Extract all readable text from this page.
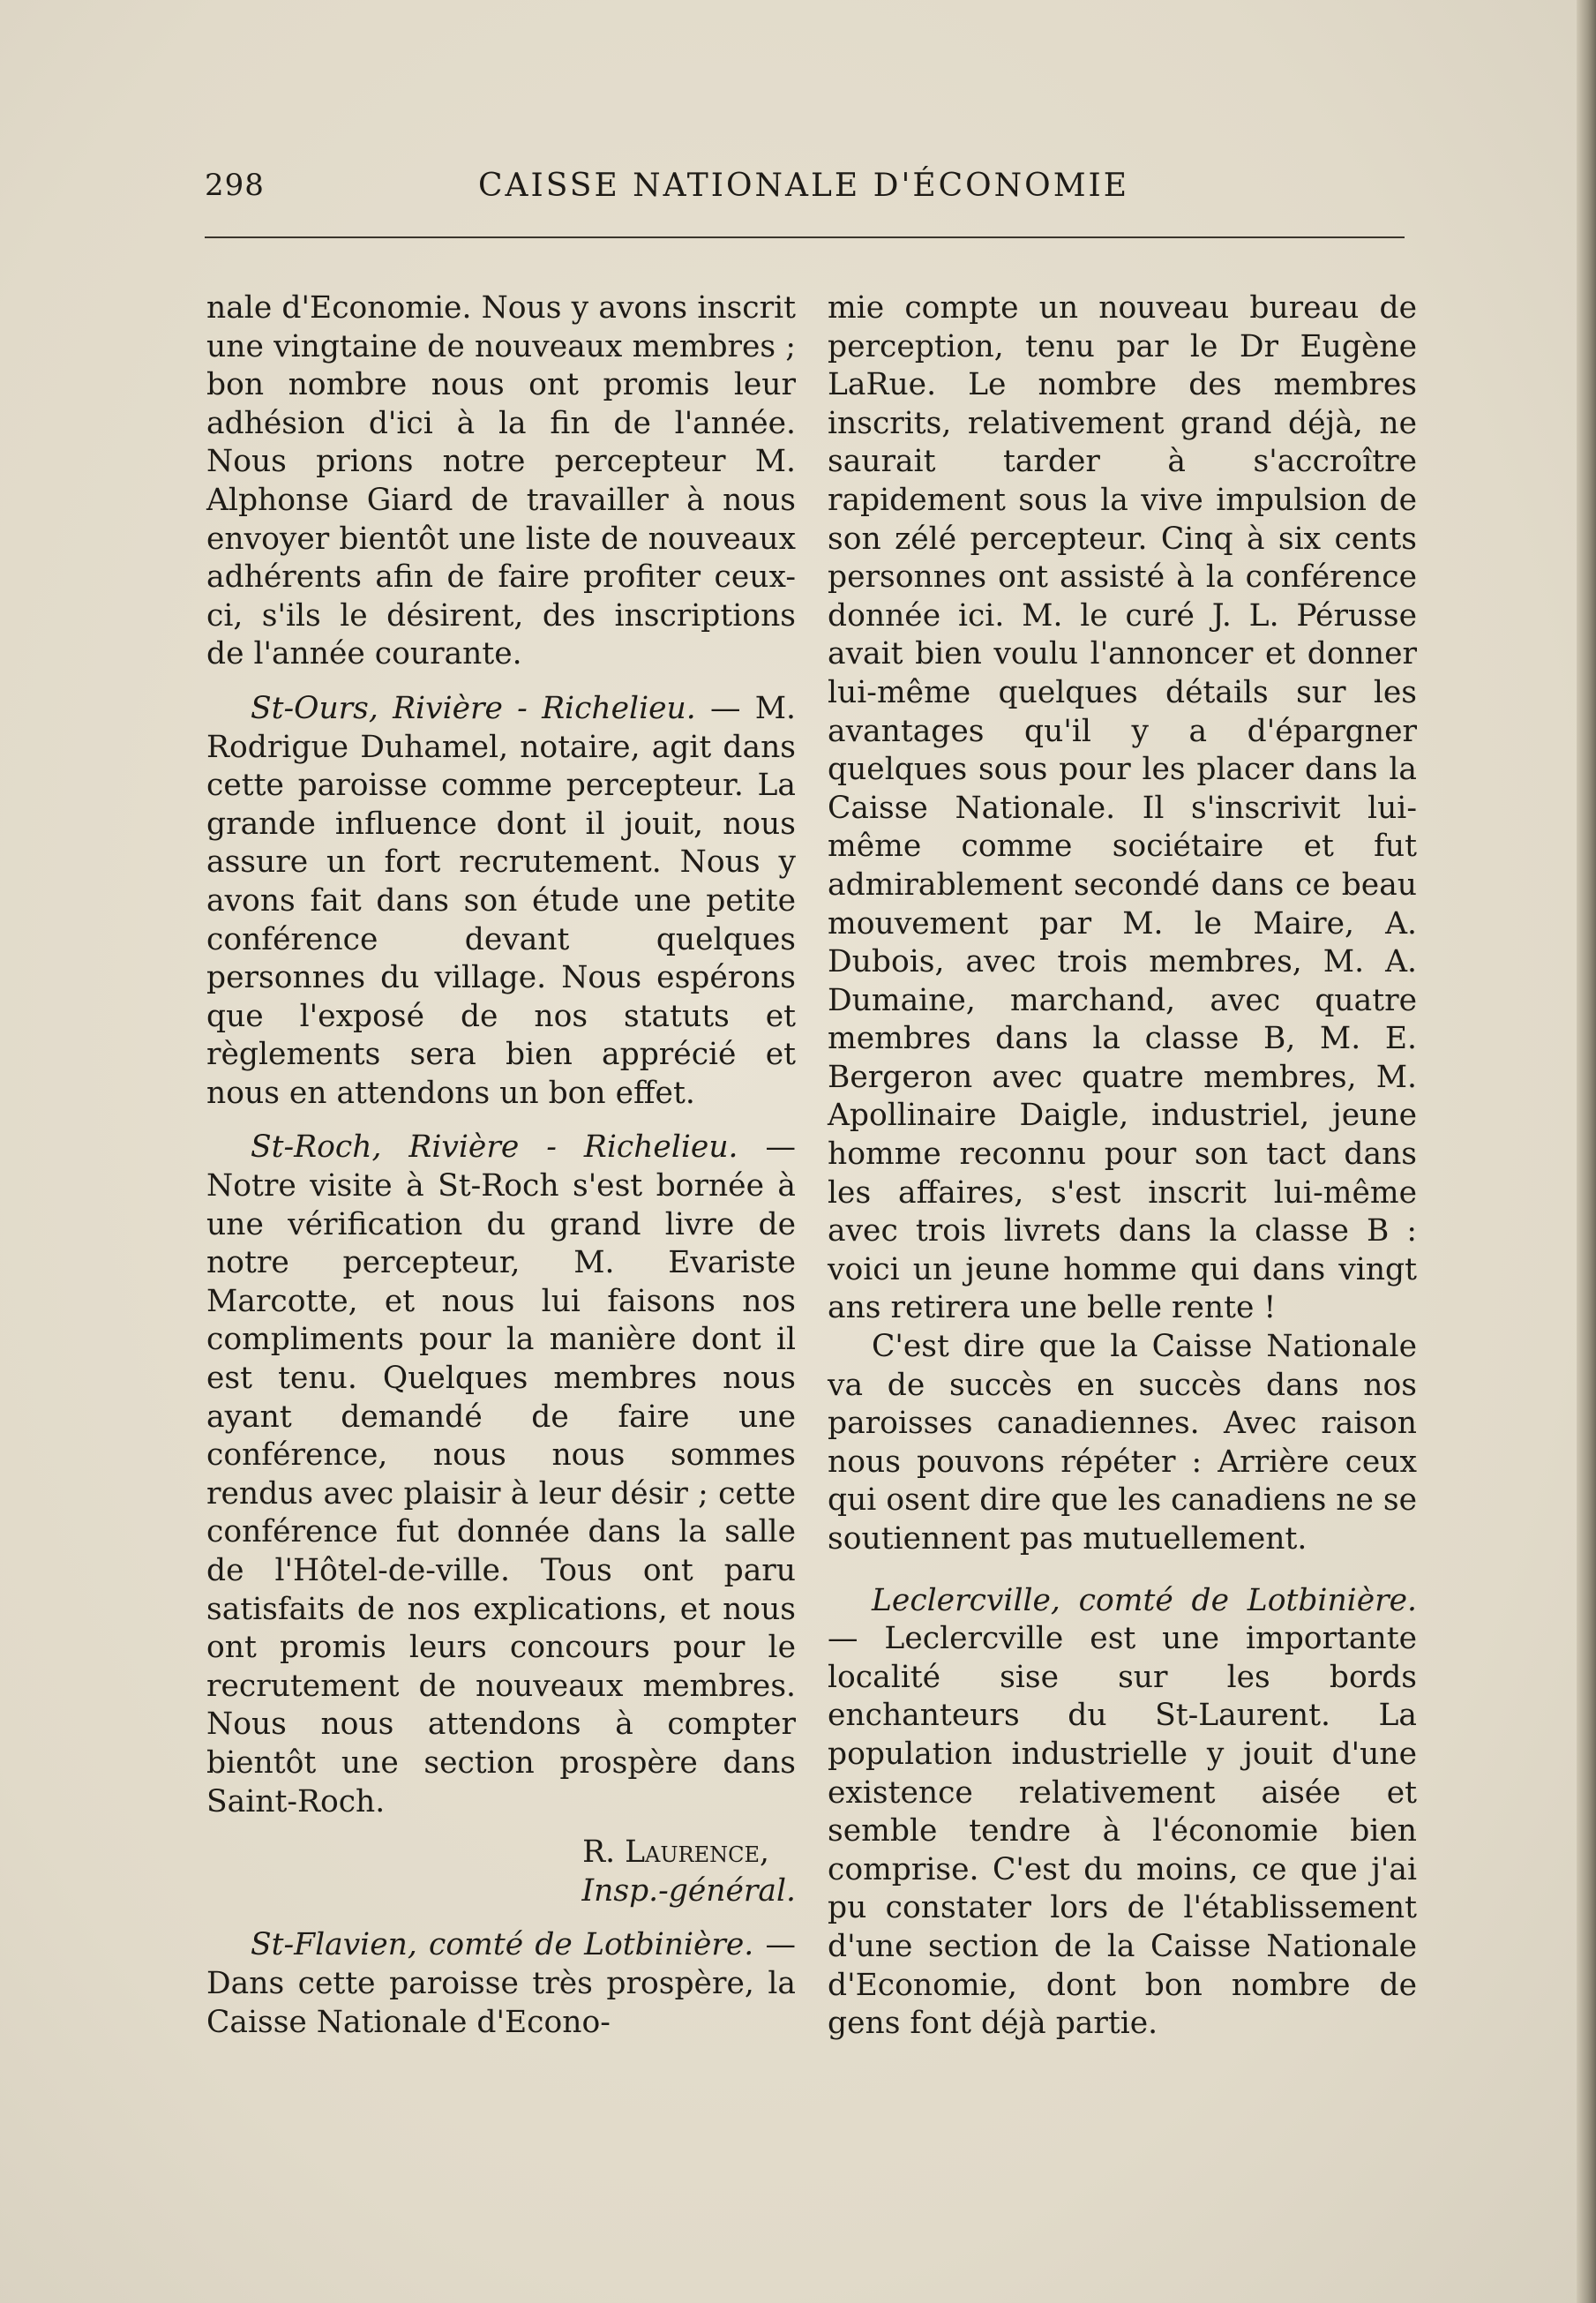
298	CAISSE NATIONALE D'ÉCONOMIE

nale d'Economie. Nous y avons inscrit une vingtaine de nouveaux membres ; bon nombre nous ont promis leur adhésion d'ici à la fin de l'année. Nous prions notre percepteur M. Alphonse Giard de travailler à nous envoyer bientôt une liste de nouveaux adhérents afin de faire profiter ceux-ci, s'ils le désirent, des inscriptions de l'année courante.

St-Ours, Rivière - Richelieu. — M. Rodrigue Duhamel, notaire, agit dans cette paroisse comme percepteur. La grande influence dont il jouit, nous assure un fort recrutement. Nous y avons fait dans son étude une petite conférence devant quelques personnes du village. Nous espérons que l'exposé de nos statuts et règlements sera bien apprécié et nous en attendons un bon effet.

St-Roch, Rivière - Richelieu. — Notre visite à St-Roch s'est bornée à une vérification du grand livre de notre percepteur, M. Evariste Marcotte, et nous lui faisons nos compliments pour la manière dont il est tenu. Quelques membres nous ayant demandé de faire une conférence, nous nous sommes rendus avec plaisir à leur désir ; cette conférence fut donnée dans la salle de l'Hôtel-de-ville. Tous ont paru satisfaits de nos explications, et nous ont promis leurs concours pour le recrutement de nouveaux membres. Nous nous attendons à compter bientôt une section prospère dans Saint-Roch.

R. Laurence,

Insp.-général.

St-Flavien, comté de Lotbinière. — Dans cette paroisse très prospère, la Caisse Nationale d'Econo-

mie compte un nouveau bureau de perception, tenu par le Dr Eugène LaRue. Le nombre des membres inscrits, relativement grand déjà, ne saurait tarder à s'accroître rapidement sous la vive impulsion de son zélé percepteur. Cinq à six cents personnes ont assisté à la conférence donnée ici. M. le curé J. L. Pérusse avait bien voulu l'annoncer et donner lui-même quelques détails sur les avantages qu'il y a d'épargner quelques sous pour les placer dans la Caisse Nationale. Il s'inscrivit lui-même comme sociétaire et fut admirablement secondé dans ce beau mouvement par M. le Maire, A. Dubois, avec trois membres, M. A. Dumaine, marchand, avec quatre membres dans la classe B, M. E. Bergeron avec quatre membres, M. Apollinaire Daigle, industriel, jeune homme reconnu pour son tact dans les affaires, s'est inscrit lui-même avec trois livrets dans la classe B : voici un jeune homme qui dans vingt ans retirera une belle rente !

C'est dire que la Caisse Nationale va de succès en succès dans nos paroisses canadiennes. Avec raison nous pouvons répéter : Arrière ceux qui osent dire que les canadiens ne se soutiennent pas mutuellement.

Leclercville, comté de Lotbinière. — Leclercville est une importante localité sise sur les bords enchanteurs du St-Laurent. La population industrielle y jouit d'une existence relativement aisée et semble tendre à l'économie bien comprise. C'est du moins, ce que j'ai pu constater lors de l'établissement d'une section de la Caisse Nationale d'Economie, dont bon nombre de gens font déjà partie.
